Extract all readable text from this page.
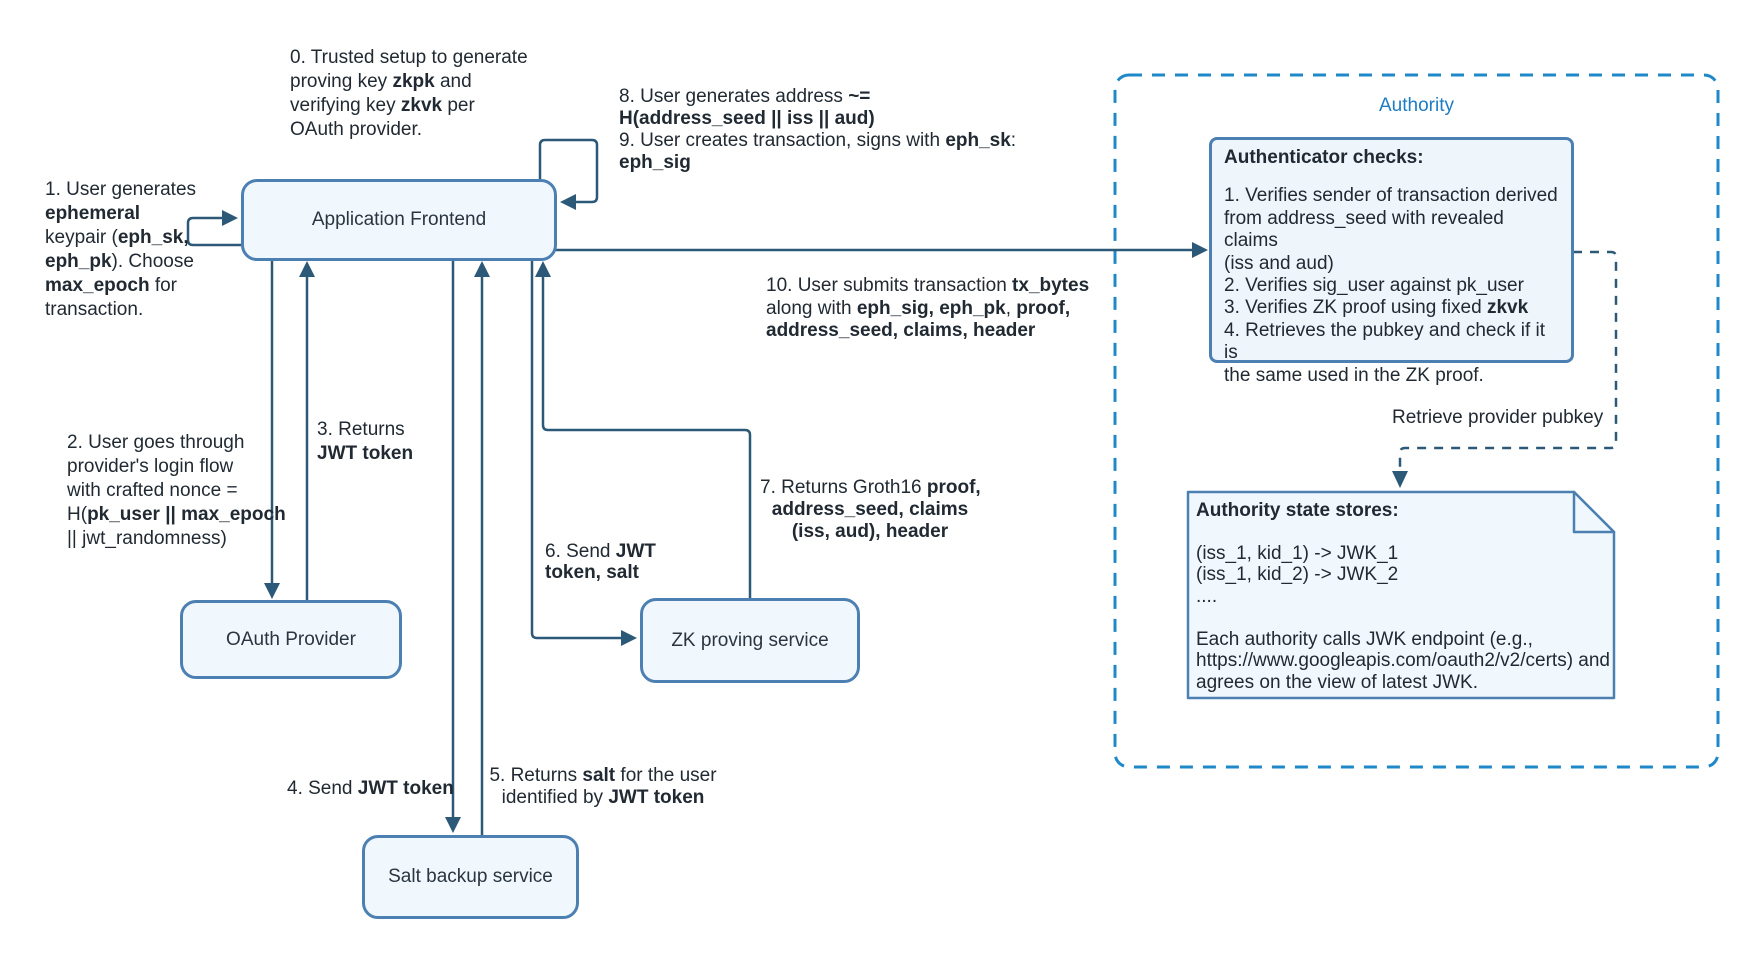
Application Frontend
OAuth Provider	ZK proving service
Salt backup service
Authority
Authenticator checks:
1. Verifies sender of transaction derived
from address_seed with revealed claims
(iss and aud)
2. Verifies sig_user against pk_user
3. Verifies ZK proof using fixed zkvk
4. Retrieves the pubkey and check if it is
the same used in the ZK proof.
Authority state stores:
(iss_1, kid_1) -> JWK_1
(iss_1, kid_2) -> JWK_2
....

Each authority calls JWK endpoint (e.g.,
https://www.googleapis.com/oauth2/v2/certs) and
agrees on the view of latest JWK.
0. Trusted setup to generate
proving key zkpk and
verifying key zkvk per
OAuth provider.
1. User generates
ephemeral
keypair (eph_sk,
eph_pk). Choose
max_epoch for
transaction.
2. User goes through
provider's login flow
with crafted nonce =
H(pk_user || max_epoch
|| jwt_randomness)
3. Returns
JWT token
4. Send JWT token
5. Returns salt for the user
identified by JWT token
6. Send JWT
token, salt
7. Returns Groth16 proof,
address_seed, claims
(iss, aud), header
8. User generates address ~=
H(address_seed || iss || aud)
9. User creates transaction, signs with eph_sk:
eph_sig
10. User submits transaction tx_bytes
along with eph_sig, eph_pk, proof,
address_seed, claims, header
Retrieve provider pubkey
